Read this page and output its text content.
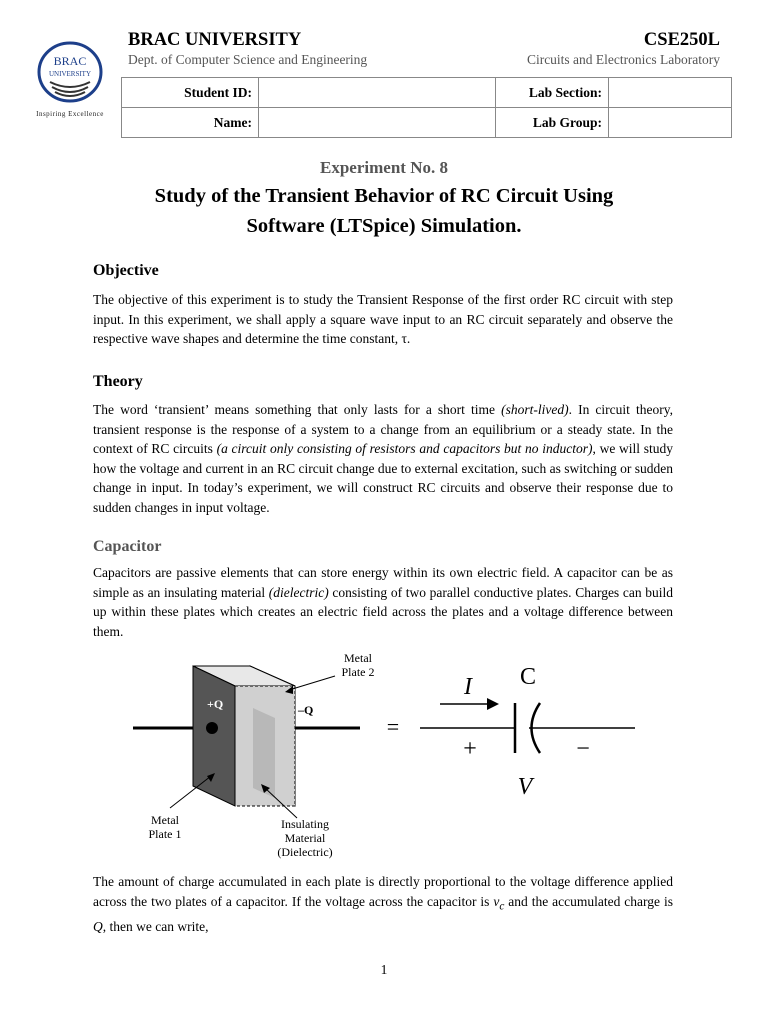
BRAC
UNIVERSITY
Inspiring Excellence
BRAC UNIVERSITY
Dept. of Computer Science and Engineering
CSE250L
Circuits and Electronics Laboratory
Student ID:		Lab Section:	
Name:		Lab Group:	
Experiment No. 8
Study of the Transient Behavior of RC Circuit Using
Software (LTSpice) Simulation.
Objective

The objective of this experiment is to study the Transient Response of the first order RC circuit with step input. In this experiment, we shall apply a square wave input to an RC circuit separately and observe the respective wave shapes and determine the time constant, τ.

Theory

The word ‘transient’ means something that only lasts for a short time (short-lived). In circuit theory, transient response is the response of a system to a change from an equilibrium or a steady state. In the context of RC circuits (a circuit only consisting of resistors and capacitors but no inductor), we will study how the voltage and current in an RC circuit change due to external excitation, such as switching or sudden change in input. In today’s experiment, we will construct RC circuits and observe their response due to sudden changes in input voltage.

Capacitor

Capacitors are passive elements that can store energy within its own electric field. A capacitor can be as simple as an insulating material (dielectric) consisting of two parallel conductive plates. Charges can build up within these plates which creates an electric field across the plates and a voltage difference between them.

+Q	–Q
Metal
Plate 2
Metal
Plate 1
Insulating
Material
(Dielectric)
=
I C
+	−
V

The amount of charge accumulated in each plate is directly proportional to the voltage difference applied across the two plates of a capacitor. If the voltage across the capacitor is $v_c$ and the accumulated charge is Q, then we can write,

1
